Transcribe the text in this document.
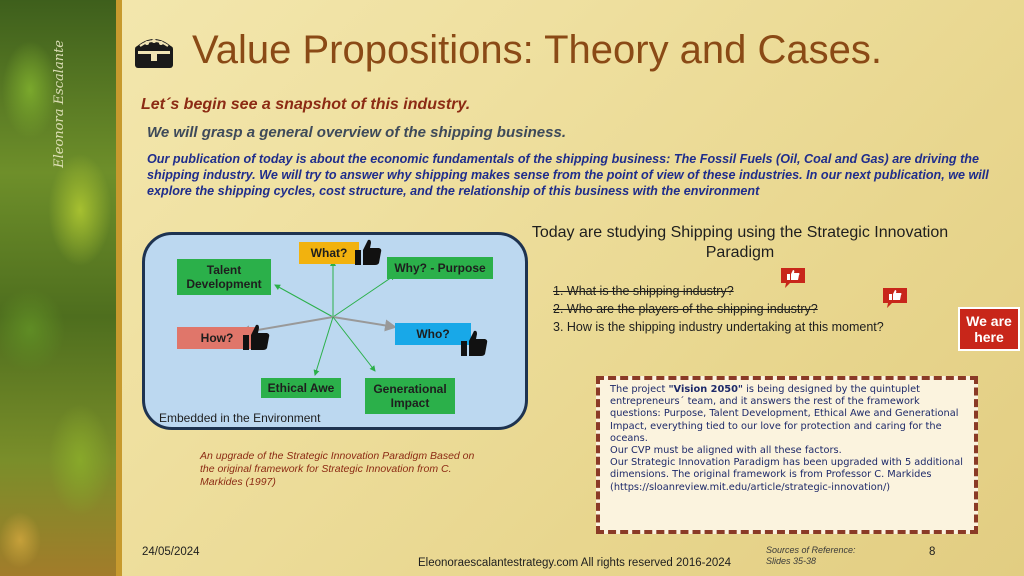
Eleonora Escalante	Value Propositions: Theory and Cases.
Let´s begin see a snapshot of this industry.
We will grasp a general overview of the shipping business.
Our publication of today is about the economic fundamentals of the shipping business: The Fossil Fuels (Oil, Coal and Gas) are driving the shipping industry. We will try to answer why shipping makes sense from the point of view of these industries. In our next publication, we will explore the shipping cycles, cost structure, and the relationship of this business with the environment
What?
Why? - Purpose
Talent Development
How?	Who?
Ethical Awe	Generational Impact
Embedded in the Environment
An upgrade of the Strategic Innovation Paradigm Based on the original framework for Strategic Innovation from C. Markides (1997)
Today are studying Shipping using the Strategic Innovation Paradigm
1. What is the shipping industry?
2. Who are the players of the shipping industry?
3. How is the shipping industry undertaking at this moment?	We are here
The project "Vision 2050" is being designed by the quintuplet entrepreneurs´ team, and it answers the rest of the framework questions: Purpose, Talent Development, Ethical Awe and Generational Impact, everything tied to our love for protection and caring for the oceans.
Our CVP must be aligned with all these factors.
Our Strategic Innovation Paradigm has been upgraded with 5 additional dimensions. The original framework is from Professor C. Markides (https://sloanreview.mit.edu/article/strategic-innovation/)
24/05/2024
Eleonoraescalantestrategy.com All rights reserved 2016-2024
Sources of Reference:
Slides 35-38
8
